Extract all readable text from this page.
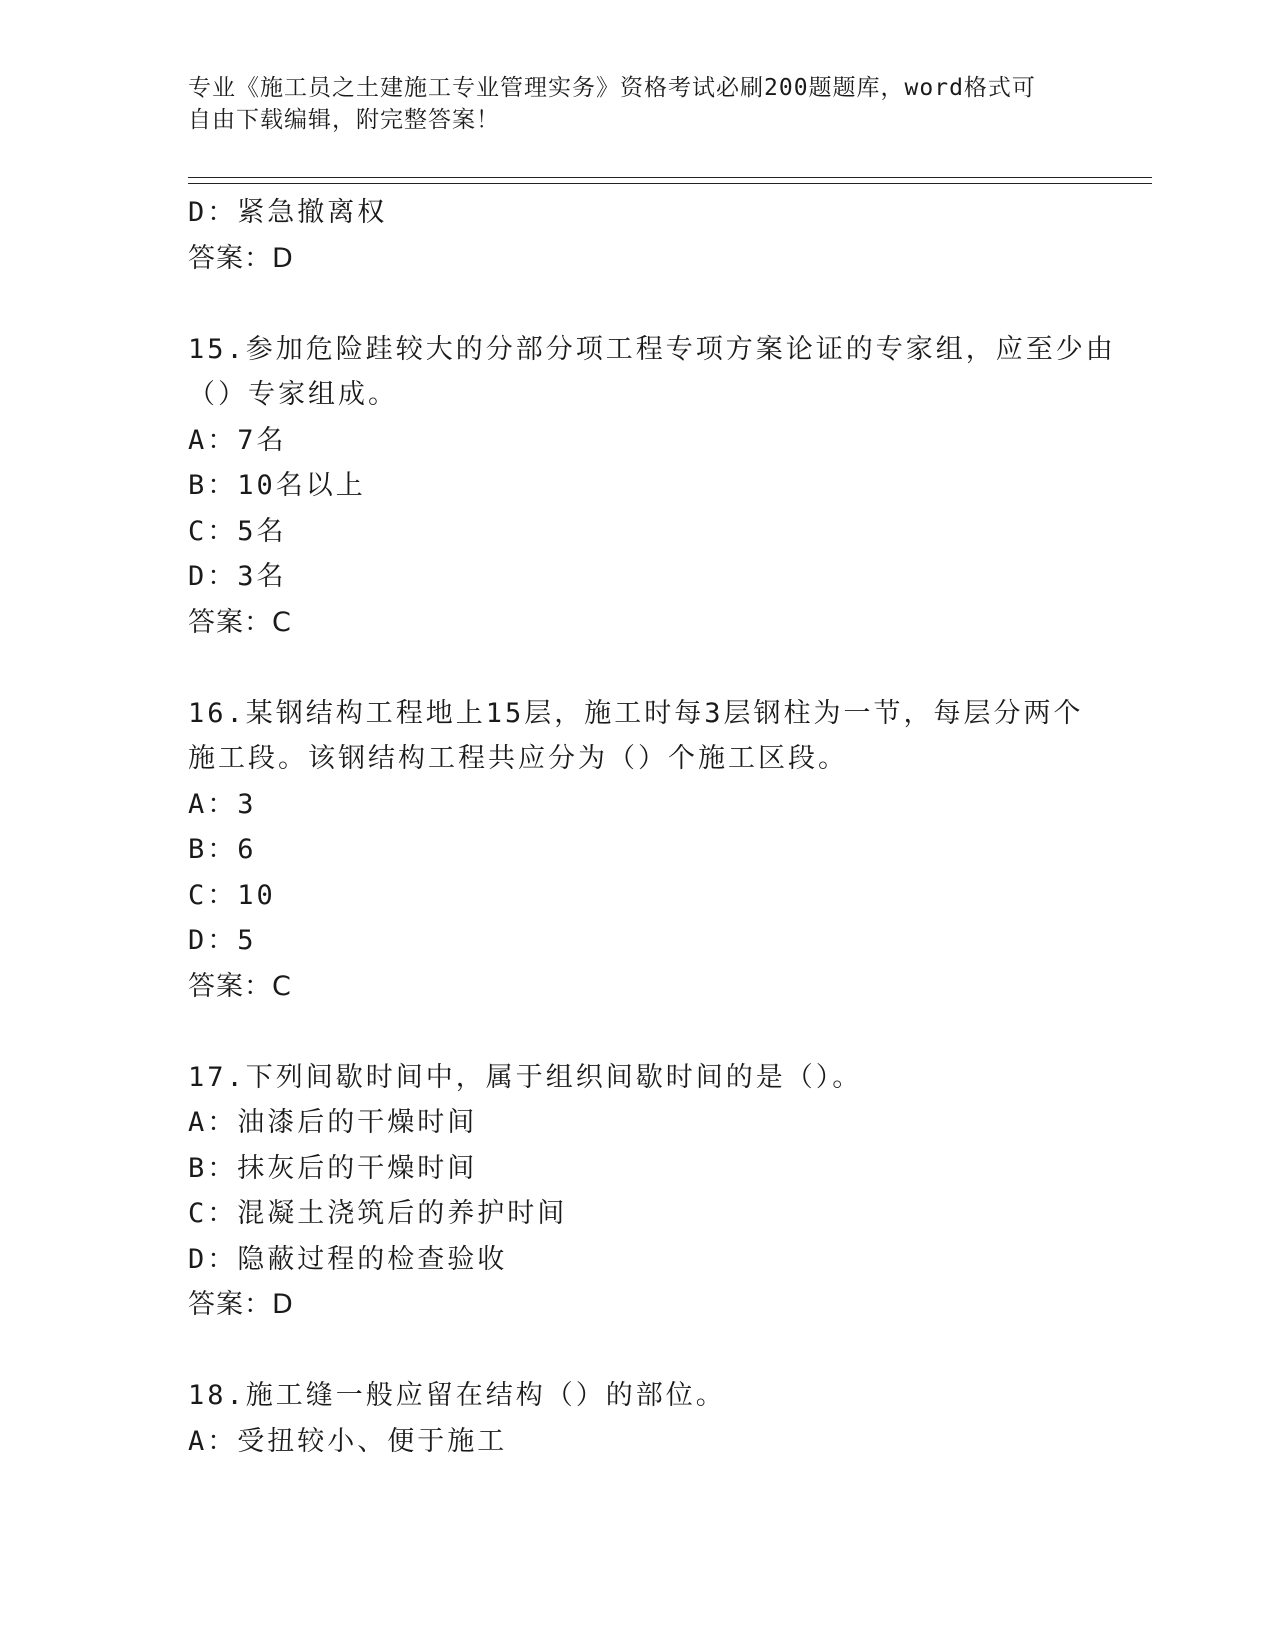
专业《施工员之土建施工专业管理实务》资格考试必刷200题题库，word格式可
自由下载编辑，附完整答案！
D：紧急撤离权
答案：D
15.参加危险跬较大的分部分项工程专项方案论证的专家组，应至少由
（）专家组成。
A：7名
B：10名以上
C：5名
D：3名
答案：C
16.某钢结构工程地上15层，施工时每3层钢柱为一节，每层分两个
施工段。该钢结构工程共应分为（）个施工区段。
A：3
B：6
C：10
D：5
答案：C
17.下列间歇时间中，属于组织间歇时间的是（）。
A：油漆后的干燥时间
B：抹灰后的干燥时间
C：混凝土浇筑后的养护时间
D：隐蔽过程的检查验收
答案：D
18.施工缝一般应留在结构（）的部位。
A：受扭较小、便于施工
